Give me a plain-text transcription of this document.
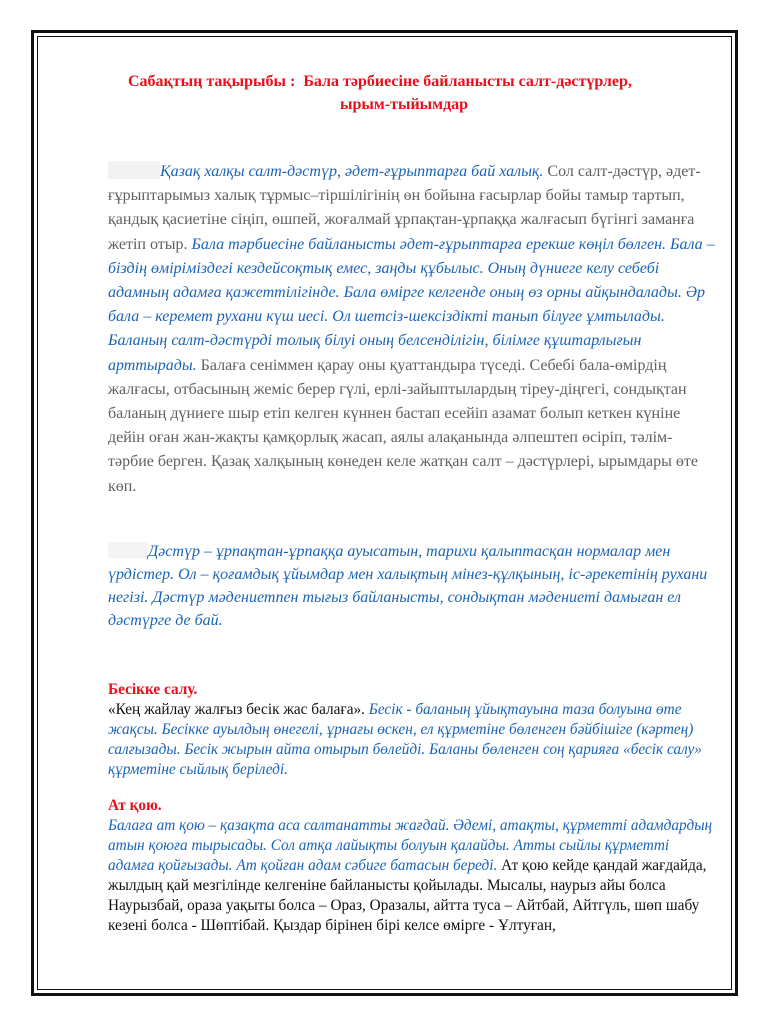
Сабақтың тақырыбы : Бала тәрбиесіне байланысты салт-дәстүрлер,
ырым-тыйымдар
Қазақ халқы салт-дәстүр, әдет-ғұрыптарға бай халық. Сол салт-дәстүр, әдет-ғұрыптарымыз халық тұрмыс–тіршілігінің өн бойына ғасырлар бойы тамыр тартып, қандық қасиетіне сіңіп, өшпей, жоғалмай ұрпақтан-ұрпаққа жалғасып бүгінгі заманға жетіп отыр. Бала тәрбиесіне байланысты әдет-ғұрыптарға ерекше көңіл бөлген. Бала – біздің өміріміздегі кездейсоқтық емес, заңды құбылыс. Оның дүниеге келу себебі адамның адамға қажеттілігінде. Бала өмірге келгенде оның өз орны айқындалады. Әр бала – керемет рухани күш иесі. Ол шетсіз-шексіздікті танып білуге ұмтылады. Баланың салт-дәстүрді толық білуі оның белсенділігін, білімге құштарлығын арттырады. Балаға сеніммен қарау оны қуаттандыра түседі. Себебі бала-өмірдің жалғасы, отбасының жеміс берер гүлі, ерлі-зайыптылардың тіреу-діңгегі, сондықтан баланың дүниеге шыр етіп келген күннен бастап есейіп азамат болып кеткен күніне дейін оған жан-жақты қамқорлық жасап, аялы алақанында әлпештеп өсіріп, тәлім-тәрбие берген. Қазақ халқының көнеден келе жатқан салт – дәстүрлері, ырымдары өте көп.
Дәстүр – ұрпақтан-ұрпаққа ауысатын, тарихи қалыптасқан нормалар мен үрдістер. Ол – қоғамдық ұйымдар мен халықтың мінез-құлқының, іс-әрекетінің рухани негізі. Дәстүр мәдениетпен тығыз байланысты, сондықтан мәдениеті дамыған ел дәстүрге де бай.
Бесікке салу.
«Кең жайлау жалғыз бесік жас балаға». Бесік - баланың ұйықтауына таза болуына өте жақсы. Бесікке ауылдың өнегелі, ұрнағы өскен, ел құрметіне бөленген бәйбішіге (кәртең) салғызады. Бесік жырын айта отырып бөлейді. Баланы бөленген соң қарияға «бесік салу» құрметіне сыйлық беріледі.
Ат қою.
Балаға ат қою – қазақта аса салтанатты жағдай. Әдемі, атақты, құрметті адамдардың атын қоюға тырысады. Сол атқа лайықты болуын қалайды. Атты сыйлы құрметті адамға қойғызады. Ат қойған адам сәбиге батасын береді. Ат қою кейде қандай жағдайда, жылдың қай мезгілінде келгеніне байланысты қойылады. Мысалы, наурыз айы болса Наурызбай, ораза уақыты болса – Ораз, Оразалы, айтта туса – Айтбай, Айтгүль, шөп шабу кезені болса - Шөптібай. Қыздар бірінен бірі келсе өмірге - Ұлтуған,
